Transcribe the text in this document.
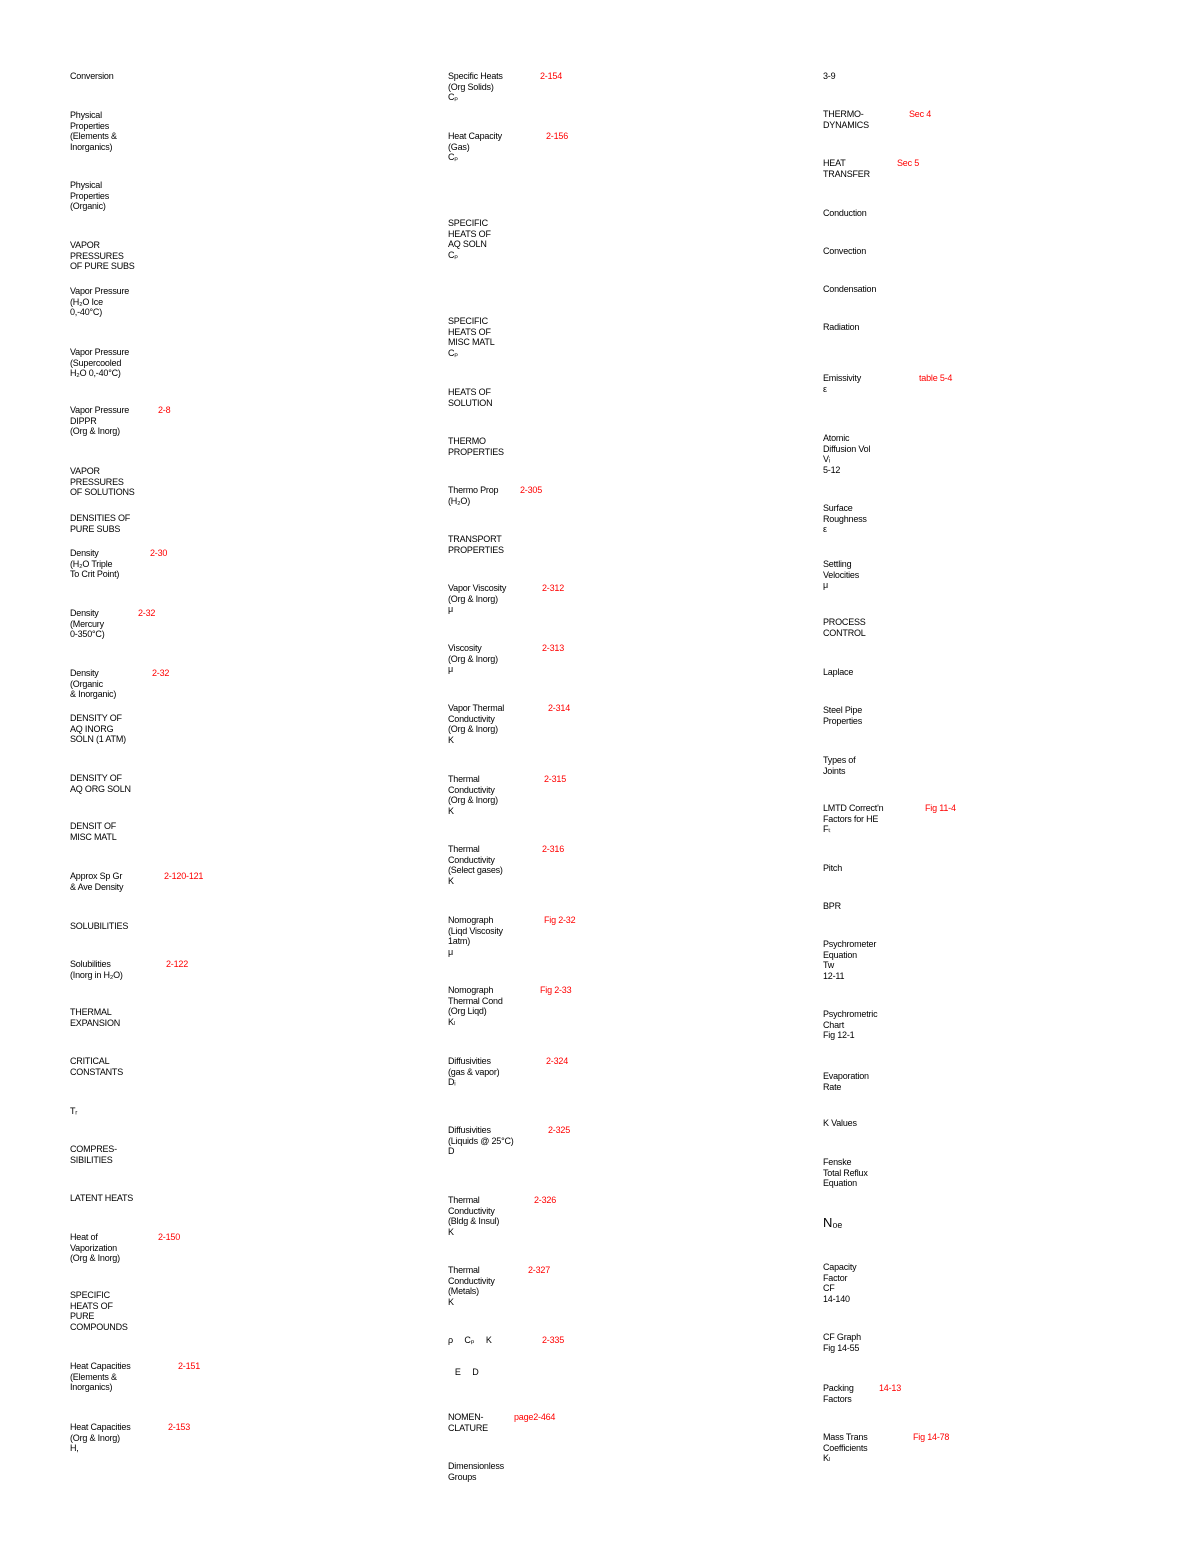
Conversion
Physical
Properties
(Elements &
Inorganics)
Physical
Properties
(Organic)
VAPOR
PRESSURES
OF PURE SUBS
Vapor Pressure
(H₂O Ice
0,-40°C)
Vapor Pressure
(Supercooled
H₂O 0,-40°C)
Vapor Pressure
DIPPR
(Org & Inorg)
2-8
VAPOR
PRESSURES
OF SOLUTIONS
DENSITIES OF
PURE SUBS
Density
(H₂O Triple
To Crit Point)
2-30
Density
(Mercury
0-350°C)
2-32
Density
(Organic
& Inorganic)
2-32
DENSITY OF
AQ INORG
SOLN (1 ATM)
DENSITY OF
AQ ORG SOLN
DENSIT OF
MISC MATL
Approx Sp Gr
& Ave Density
2-120-121
SOLUBILITIES
Solubilities
(Inorg in H₂O)
2-122
THERMAL
EXPANSION
CRITICAL
CONSTANTS
Tᵣ
COMPRES-
SIBILITIES
LATENT HEATS
Heat of
Vaporization
(Org & Inorg)
2-150
SPECIFIC
HEATS OF
PURE
COMPOUNDS
Heat Capacities
(Elements &
Inorganics)
2-151
Heat Capacities
(Org & Inorg)
H,
2-153
Specific Heats
(Org Solids)
Cₚ
2-154
Heat Capacity
(Gas)
Cₚ
2-156
SPECIFIC
HEATS OF
AQ SOLN
Cₚ
SPECIFIC
HEATS OF
MISC MATL
Cₚ
HEATS OF
SOLUTION
THERMO
PROPERTIES
Thermo Prop
(H₂O)
2-305
TRANSPORT
PROPERTIES
Vapor Viscosity
(Org & Inorg)
μ
2-312
Viscosity
(Org & Inorg)
μ
2-313
Vapor Thermal
Conductivity
(Org & Inorg)
K
2-314
Thermal
Conductivity
(Org & Inorg)
K
2-315
Thermal
Conductivity
(Select gases)
K
2-316
Nomograph
(Liqd Viscosity
1atm)
μ
Fig 2-32
Nomograph
Thermal Cond
(Org Liqd)
Kₗ
Fig 2-33
Diffusivities
(gas & vapor)
Dᵢ
2-324
Diffusivities
(Liquids @ 25°C)
D
2-325
Thermal
Conductivity
(Bldg & Insul)
K
2-326
Thermal
Conductivity
(Metals)
K
2-327
ρ     Cₚ     K	2-335
E     D
NOMEN-
CLATURE
page2-464
Dimensionless
Groups
3-9
THERMO-
DYNAMICS
Sec 4
HEAT
TRANSFER
Sec 5
Conduction
Convection
Condensation
Radiation
Emissivity
ε
table 5-4
Atomic
Diffusion Vol
Vᵢ
5-12
Surface
Roughness
ε
Settling
Velocities
μ
PROCESS
CONTROL
Laplace
Steel Pipe
Properties
Types of
Joints
LMTD Correct'n
Factors for HE
Fₜ
Fig 11-4
Pitch
BPR
Psychrometer
Equation
Tw
12-11
Psychrometric
Chart
Fig 12-1
Evaporation
Rate
K Values
Fenske
Total Reflux
Equation
N₀ₑ
Capacity
Factor
CF
14-140
CF Graph
Fig 14-55
Packing
Factors
14-13
Mass Trans
Coefficients
Kₗ
Fig 14-78
